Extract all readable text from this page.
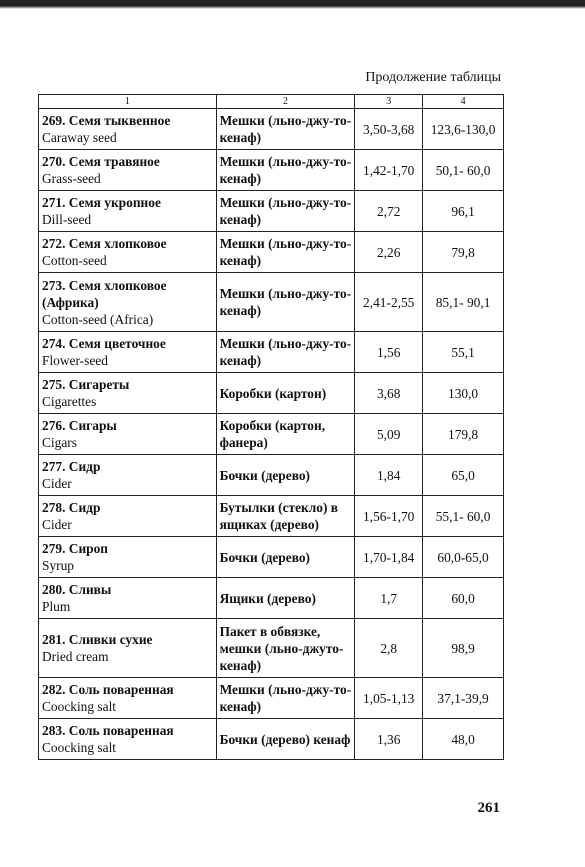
Продолжение таблицы
1	2	3	4

269. Семя тыквенное
Caraway seed	Мешки (льно-джу-то-кенаф)	3,50-3,68	123,6-130,0

270. Семя травяное
Grass-seed	Мешки (льно-джу-то-кенаф)	1,42-1,70	50,1- 60,0

271. Семя укропное
Dill-seed	Мешки (льно-джу-то-кенаф)	2,72	96,1

272. Семя хлопковое
Cotton-seed	Мешки (льно-джу-то-кенаф)	2,26	79,8

273. Семя хлопковое (Африка)
Cotton-seed (Africa)	Мешки (льно-джу-то-кенаф)	2,41-2,55	85,1- 90,1

274. Семя цветочное
Flower-seed	Мешки (льно-джу-то-кенаф)	1,56	55,1

275. Сигареты
Cigarettes	Коробки (картон)	3,68	130,0

276. Сигары
Cigars	Коробки (картон, фанера)	5,09	179,8

277. Сидр
Cider	Бочки (дерево)	1,84	65,0

278. Сидр
Cider	Бутылки (стекло) в ящиках (дерево)	1,56-1,70	55,1- 60,0

279. Сироп
Syrup	Бочки (дерево)	1,70-1,84	60,0-65,0

280. Сливы
Plum	Ящики (дерево)	1,7	60,0

281. Сливки сухие
Dried cream	Пакет в обвязке, мешки (льно-джуто-кенаф)	2,8	98,9

282. Соль поваренная
Coocking salt	Мешки (льно-джу-то-кенаф)	1,05-1,13	37,1-39,9

283. Соль поваренная
Coocking salt	Бочки (дерево) кенаф	1,36	48,0
261
